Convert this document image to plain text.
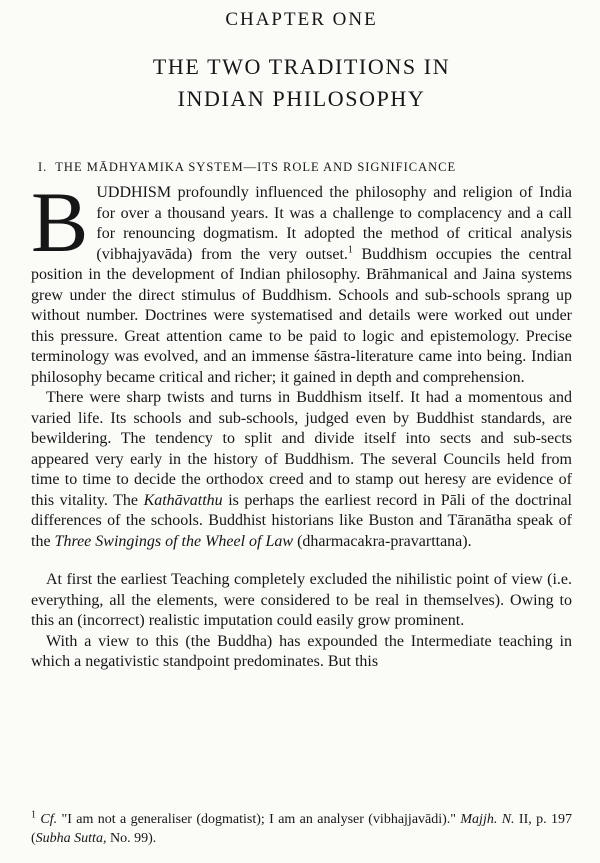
CHAPTER ONE
THE TWO TRADITIONS IN
INDIAN PHILOSOPHY
I. THE MĀDHYAMIKA SYSTEM—ITS ROLE AND SIGNIFICANCE

BUDDHISM profoundly influenced the philosophy and religion of India for over a thousand years. It was a challenge to complacency and a call for renouncing dogmatism. It adopted the method of critical analysis (vibhajyavāda) from the very outset.$^1$ Buddhism occupies the central position in the development of Indian philosophy. Brāhmanical and Jaina systems grew under the direct stimulus of Buddhism. Schools and sub-schools sprang up without number. Doctrines were systematised and details were worked out under this pressure. Great attention came to be paid to logic and epistemology. Precise terminology was evolved, and an immense śāstra-literature came into being. Indian philosophy became critical and richer; it gained in depth and comprehension.

There were sharp twists and turns in Buddhism itself. It had a momentous and varied life. Its schools and sub-schools, judged even by Buddhist standards, are bewildering. The tendency to split and divide itself into sects and sub-sects appeared very early in the history of Buddhism. The several Councils held from time to time to decide the orthodox creed and to stamp out heresy are evidence of this vitality. The Kathāvatthu is perhaps the earliest record in Pāli of the doctrinal differences of the schools. Buddhist historians like Buston and Tāranātha speak of the Three Swingings of the Wheel of Law (dharmacakra-pravarttana).

At first the earliest Teaching completely excluded the nihilistic point of view (i.e. everything, all the elements, were considered to be real in themselves). Owing to this an (incorrect) realistic imputation could easily grow prominent.

With a view to this (the Buddha) has expounded the Intermediate teaching in which a negativistic standpoint predominates. But this

$^1$ Cf. "I am not a generaliser (dogmatist); I am an analyser (vibhajjavādi)." Majjh. N. II, p. 197 (Subha Sutta, No. 99).
